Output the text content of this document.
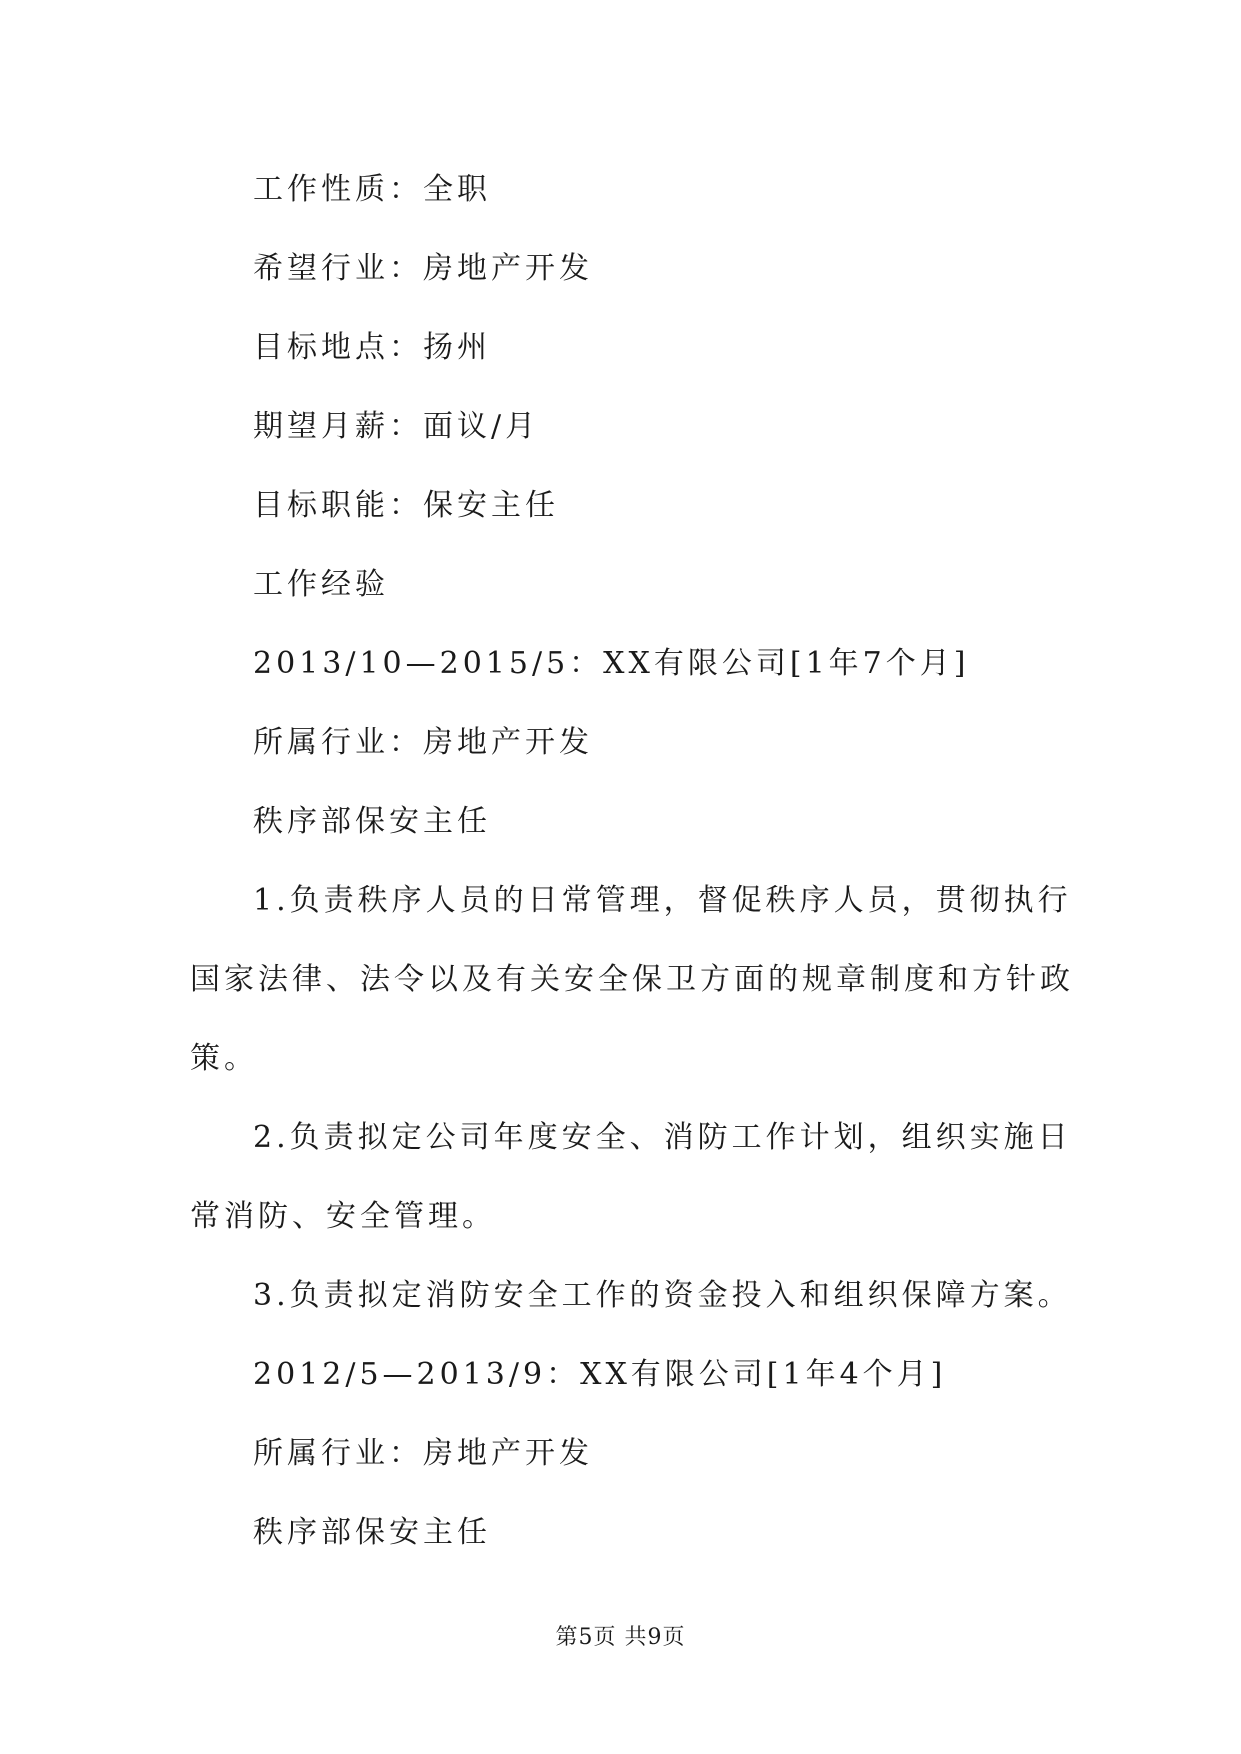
工作性质：全职
希望行业：房地产开发
目标地点：扬州
期望月薪：面议/月
目标职能：保安主任
工作经验
2013/10—2015/5：XX有限公司[1年7个月]
所属行业：房地产开发
秩序部保安主任
1.负责秩序人员的日常管理，督促秩序人员，贯彻执行
国家法律、法令以及有关安全保卫方面的规章制度和方针政
策。
2.负责拟定公司年度安全、消防工作计划，组织实施日
常消防、安全管理。
3.负责拟定消防安全工作的资金投入和组织保障方案。
2012/5—2013/9：XX有限公司[1年4个月]
所属行业：房地产开发
秩序部保安主任
第5页 共9页
